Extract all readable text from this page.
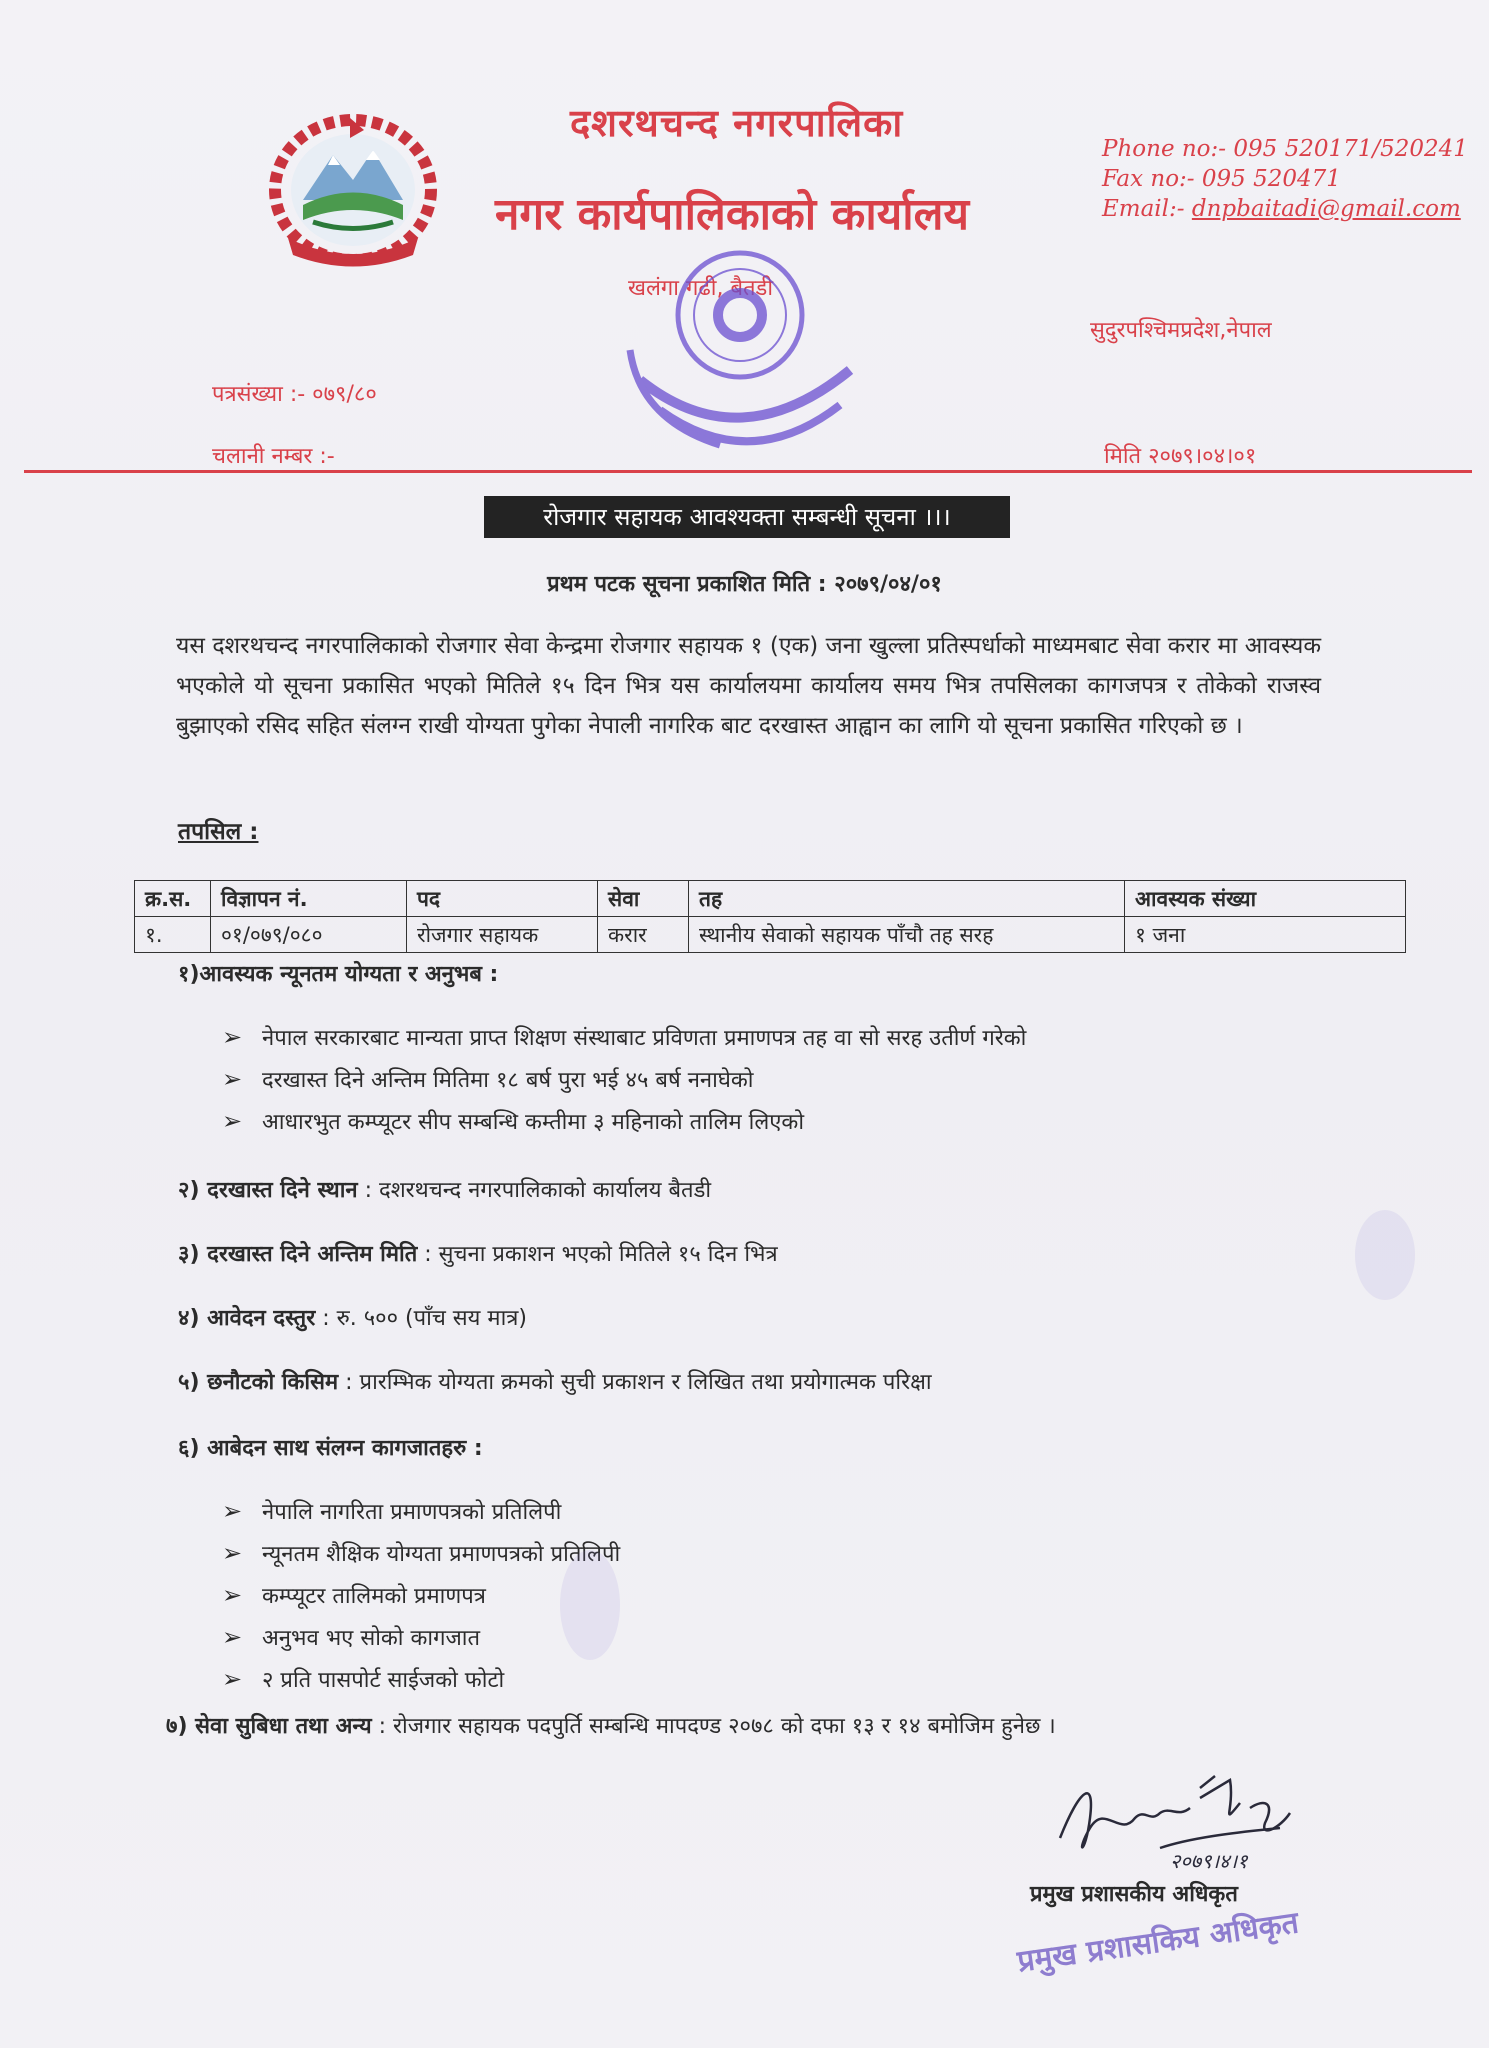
दशरथचन्द नगरपालिका
नगर कार्यपालिकाको कार्यालय
खलंगा गढी, बैतडी
Phone no:- 095 520171/520241
Fax no:- 095 520471
Email:- dnpbaitadi@gmail.com
सुदुरपश्चिमप्रदेश,नेपाल
पत्रसंख्या :- ०७९/८०
चलानी नम्बर :-	मिति २०७९।०४।०१
रोजगार सहायक आवश्यक्ता सम्बन्धी सूचना ।।।
प्रथम पटक सूचना प्रकाशित मिति : २०७९/०४/०१
यस दशरथचन्द नगरपालिकाको रोजगार सेवा केन्द्रमा रोजगार सहायक १ (एक) जना खुल्ला प्रतिस्पर्धाको माध्यमबाट सेवा करार मा आवस्यक भएकोले यो सूचना प्रकासित भएको मितिले १५ दिन भित्र यस कार्यालयमा कार्यालय समय भित्र तपसिलका कागजपत्र र तोकेको राजस्व बुझाएको रसिद सहित संलग्न राखी योग्यता पुगेका नेपाली नागरिक बाट दरखास्त आह्वान का लागि यो सूचना प्रकासित गरिएको छ ।
तपसिल :
क्र.स.	विज्ञापन नं.	पद	सेवा	तह	आवस्यक संख्या
१.	०१/०७९/०८०	रोजगार सहायक	करार	स्थानीय सेवाको सहायक पाँचौ तह सरह	१ जना
१)आवस्यक न्यूनतम योग्यता र अनुभब :
➢ नेपाल सरकारबाट मान्यता प्राप्त शिक्षण संस्थाबाट प्रविणता प्रमाणपत्र तह वा सो सरह उतीर्ण गरेको
➢ दरखास्त दिने अन्तिम मितिमा १८ बर्ष पुरा भई ४५ बर्ष ननाघेको
➢ आधारभुत कम्प्यूटर सीप सम्बन्धि कम्तीमा ३ महिनाको तालिम लिएको
२) दरखास्त दिने स्थान : दशरथचन्द नगरपालिकाको कार्यालय बैतडी
३) दरखास्त दिने अन्तिम मिति : सुचना प्रकाशन भएको मितिले १५ दिन भित्र
४) आवेदन दस्तुर : रु. ५०० (पाँच सय मात्र)
५) छनौटको किसिम : प्रारम्भिक योग्यता क्रमको सुची प्रकाशन र लिखित तथा प्रयोगात्मक परिक्षा
६) आबेदन साथ संलग्न कागजातहरु :
➢ नेपालि नागरिता प्रमाणपत्रको प्रतिलिपी
➢ न्यूनतम शैक्षिक योग्यता प्रमाणपत्रको प्रतिलिपी
➢ कम्प्यूटर तालिमको प्रमाणपत्र
➢ अनुभव भए सोको कागजात
➢ २ प्रति पासपोर्ट साईजको फोटो
७) सेवा सुबिधा तथा अन्य : रोजगार सहायक पदपुर्ति सम्बन्धि मापदण्ड २०७८ को दफा १३ र १४ बमोजिम हुनेछ ।
२०७९।४।१
प्रमुख प्रशासकीय अधिकृत
प्रमुख प्रशासकिय अधिकृत
